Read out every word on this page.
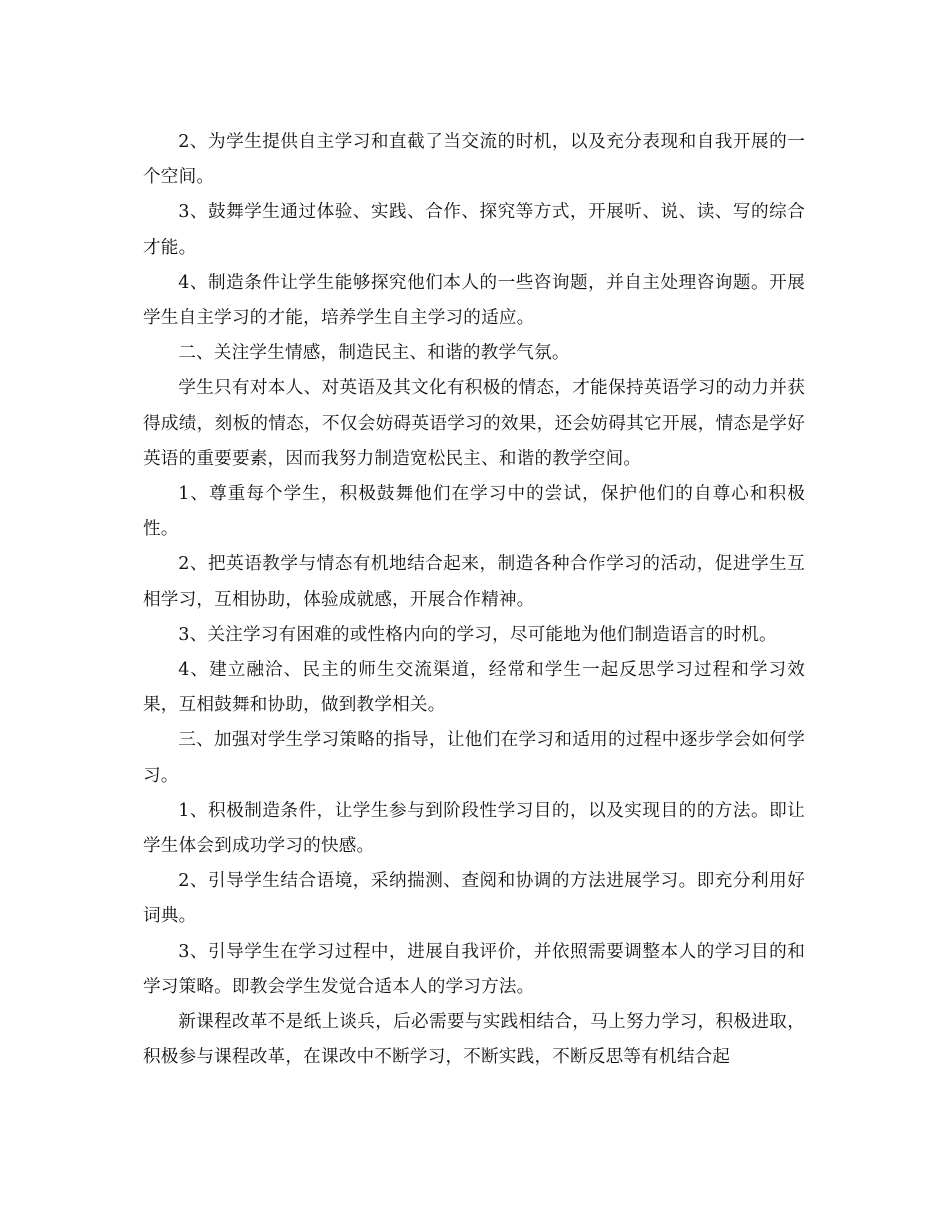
2、为学生提供自主学习和直截了当交流的时机，以及充分表现和自我开展的一个空间。

3、鼓舞学生通过体验、实践、合作、探究等方式，开展听、说、读、写的综合才能。

4、制造条件让学生能够探究他们本人的一些咨询题，并自主处理咨询题。开展学生自主学习的才能，培养学生自主学习的适应。

二、关注学生情感，制造民主、和谐的教学气氛。

学生只有对本人、对英语及其文化有积极的情态，才能保持英语学习的动力并获得成绩，刻板的情态，不仅会妨碍英语学习的效果，还会妨碍其它开展，情态是学好英语的重要要素，因而我努力制造宽松民主、和谐的教学空间。

1、尊重每个学生，积极鼓舞他们在学习中的尝试，保护他们的自尊心和积极性。

2、把英语教学与情态有机地结合起来，制造各种合作学习的活动，促进学生互相学习，互相协助，体验成就感，开展合作精神。

3、关注学习有困难的或性格内向的学习，尽可能地为他们制造语言的时机。

4、建立融洽、民主的师生交流渠道，经常和学生一起反思学习过程和学习效果，互相鼓舞和协助，做到教学相关。

三、加强对学生学习策略的指导，让他们在学习和适用的过程中逐步学会如何学习。

1、积极制造条件，让学生参与到阶段性学习目的，以及实现目的的方法。即让学生体会到成功学习的快感。

2、引导学生结合语境，采纳揣测、查阅和协调的方法进展学习。即充分利用好词典。

3、引导学生在学习过程中，进展自我评价，并依照需要调整本人的学习目的和学习策略。即教会学生发觉合适本人的学习方法。

新课程改革不是纸上谈兵，后必需要与实践相结合，马上努力学习，积极进取，积极参与课程改革，在课改中不断学习，不断实践，不断反思等有机结合起
